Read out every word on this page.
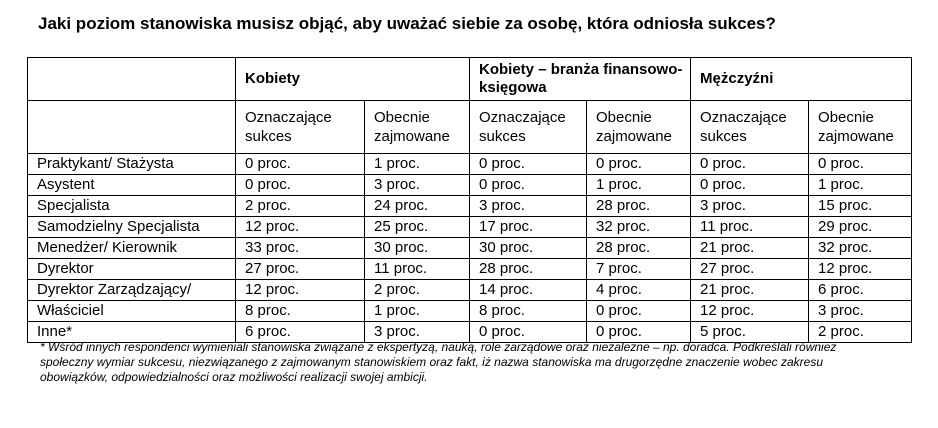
Jaki poziom stanowiska musisz objąć, aby uważać siebie za osobę, która odniosła sukces?
	Kobiety		Kobiety – branża finansowo-księgowa		Mężczyźni	
	Oznaczające sukces	Obecnie zajmowane	Oznaczające sukces	Obecnie zajmowane	Oznaczające sukces	Obecnie zajmowane
Praktykant/ Stażysta	0 proc.	1 proc.	0 proc.	0 proc.	0 proc.	0 proc.
Asystent	0 proc.	3 proc.	0 proc.	1 proc.	0 proc.	1 proc.
Specjalista	2 proc.	24 proc.	3 proc.	28 proc.	3 proc.	15 proc.
Samodzielny Specjalista	12 proc.	25 proc.	17 proc.	32 proc.	11 proc.	29 proc.
Menedżer/ Kierownik	33 proc.	30 proc.	30 proc.	28 proc.	21 proc.	32 proc.
Dyrektor	27 proc.	11 proc.	28 proc.	7 proc.	27 proc.	12 proc.
Dyrektor Zarządzający/	12 proc.	2 proc.	14 proc.	4 proc.	21 proc.	6 proc.
Właściciel	8 proc.	1 proc.	8 proc.	0 proc.	12 proc.	3 proc.
Inne*	6 proc.	3 proc.	0 proc.	0 proc.	5 proc.	2 proc.
* Wśród innych respondenci wymieniali stanowiska związane z ekspertyzą, nauką, role zarządowe oraz niezależne – np. doradca. Podkreślali również społeczny wymiar sukcesu, niezwiązanego z zajmowanym stanowiskiem oraz fakt, iż nazwa stanowiska ma drugorzędne znaczenie wobec zakresu obowiązków, odpowiedzialności oraz możliwości realizacji swojej ambicji.
